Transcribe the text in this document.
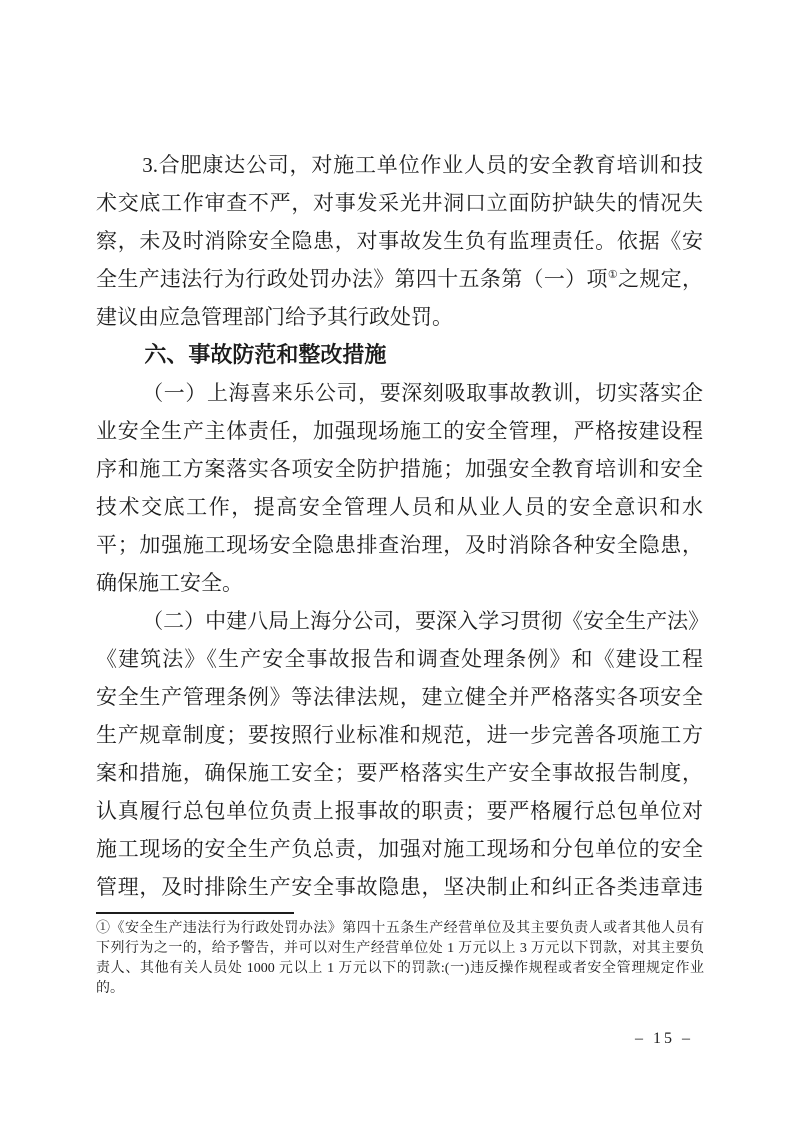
3.合肥康达公司，对施工单位作业人员的安全教育培训和技
术交底工作审查不严，对事发采光井洞口立面防护缺失的情况失
察，未及时消除安全隐患，对事故发生负有监理责任。依据《安
全生产违法行为行政处罚办法》第四十五条第（一）项①之规定，
建议由应急管理部门给予其行政处罚。
六、事故防范和整改措施
（一）上海喜来乐公司，要深刻吸取事故教训，切实落实企
业安全生产主体责任，加强现场施工的安全管理，严格按建设程
序和施工方案落实各项安全防护措施；加强安全教育培训和安全
技术交底工作，提高安全管理人员和从业人员的安全意识和水
平；加强施工现场安全隐患排查治理，及时消除各种安全隐患，
确保施工安全。
（二）中建八局上海分公司，要深入学习贯彻《安全生产法》
《建筑法》《生产安全事故报告和调查处理条例》和《建设工程
安全生产管理条例》等法律法规，建立健全并严格落实各项安全
生产规章制度；要按照行业标准和规范，进一步完善各项施工方
案和措施，确保施工安全；要严格落实生产安全事故报告制度，
认真履行总包单位负责上报事故的职责；要严格履行总包单位对
施工现场的安全生产负总责，加强对施工现场和分包单位的安全
管理，及时排除生产安全事故隐患，坚决制止和纠正各类违章违
①《安全生产违法行为行政处罚办法》第四十五条生产经营单位及其主要负责人或者其他人员有
下列行为之一的，给予警告，并可以对生产经营单位处 1 万元以上 3 万元以下罚款，对其主要负
责人、其他有关人员处 1000 元以上 1 万元以下的罚款:(一)违反操作规程或者安全管理规定作业
的。
– 15 –
